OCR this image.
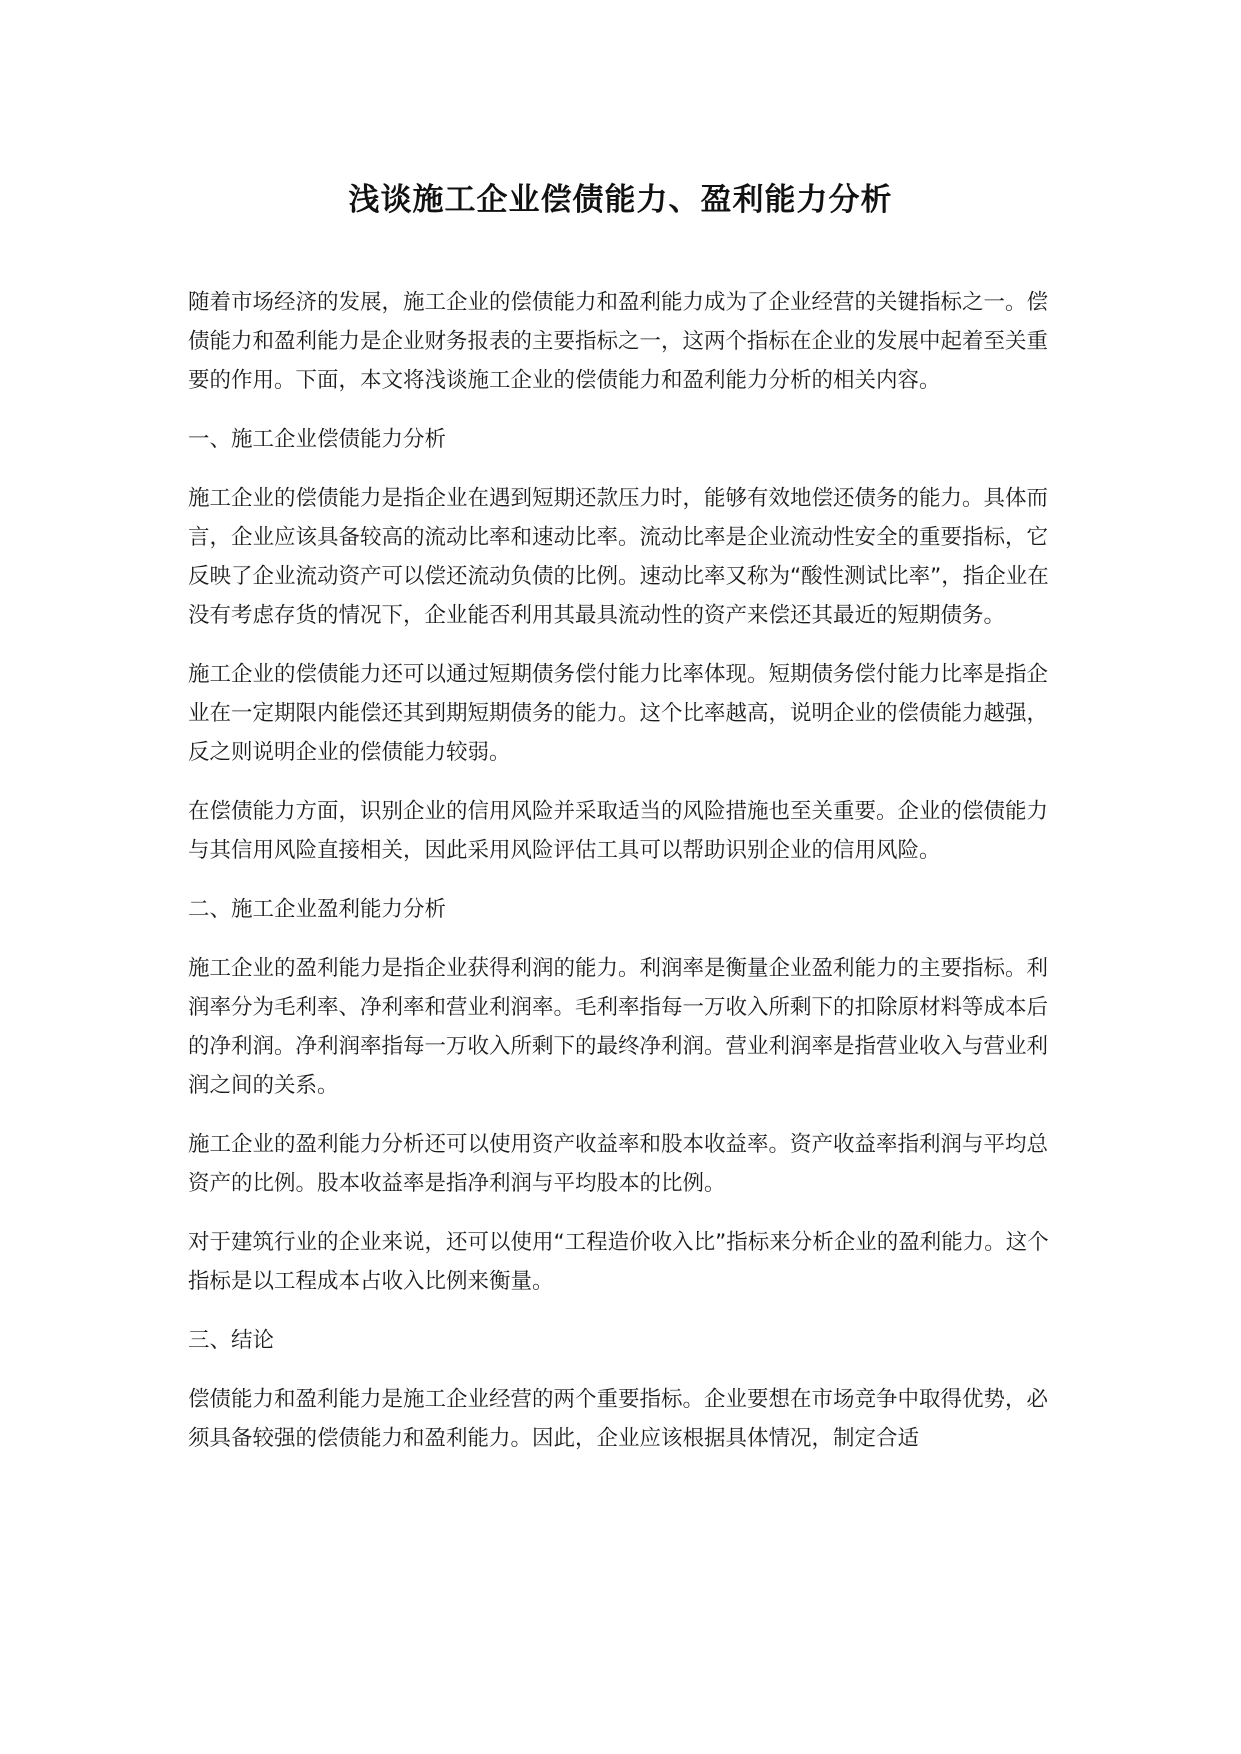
浅谈施工企业偿债能力、盈利能力分析

随着市场经济的发展，施工企业的偿债能力和盈利能力成为了企业经营的关键指标之一。偿债能力和盈利能力是企业财务报表的主要指标之一，这两个指标在企业的发展中起着至关重要的作用。下面，本文将浅谈施工企业的偿债能力和盈利能力分析的相关内容。

一、施工企业偿债能力分析

施工企业的偿债能力是指企业在遇到短期还款压力时，能够有效地偿还债务的能力。具体而言，企业应该具备较高的流动比率和速动比率。流动比率是企业流动性安全的重要指标，它反映了企业流动资产可以偿还流动负债的比例。速动比率又称为“酸性测试比率”，指企业在没有考虑存货的情况下，企业能否利用其最具流动性的资产来偿还其最近的短期债务。

施工企业的偿债能力还可以通过短期债务偿付能力比率体现。短期债务偿付能力比率是指企业在一定期限内能偿还其到期短期债务的能力。这个比率越高，说明企业的偿债能力越强，反之则说明企业的偿债能力较弱。

在偿债能力方面，识别企业的信用风险并采取适当的风险措施也至关重要。企业的偿债能力与其信用风险直接相关，因此采用风险评估工具可以帮助识别企业的信用风险。

二、施工企业盈利能力分析

施工企业的盈利能力是指企业获得利润的能力。利润率是衡量企业盈利能力的主要指标。利润率分为毛利率、净利率和营业利润率。毛利率指每一万收入所剩下的扣除原材料等成本后的净利润。净利润率指每一万收入所剩下的最终净利润。营业利润率是指营业收入与营业利润之间的关系。

施工企业的盈利能力分析还可以使用资产收益率和股本收益率。资产收益率指利润与平均总资产的比例。股本收益率是指净利润与平均股本的比例。

对于建筑行业的企业来说，还可以使用“工程造价收入比”指标来分析企业的盈利能力。这个指标是以工程成本占收入比例来衡量。

三、结论

偿债能力和盈利能力是施工企业经营的两个重要指标。企业要想在市场竞争中取得优势，必须具备较强的偿债能力和盈利能力。因此，企业应该根据具体情况，制定合适
